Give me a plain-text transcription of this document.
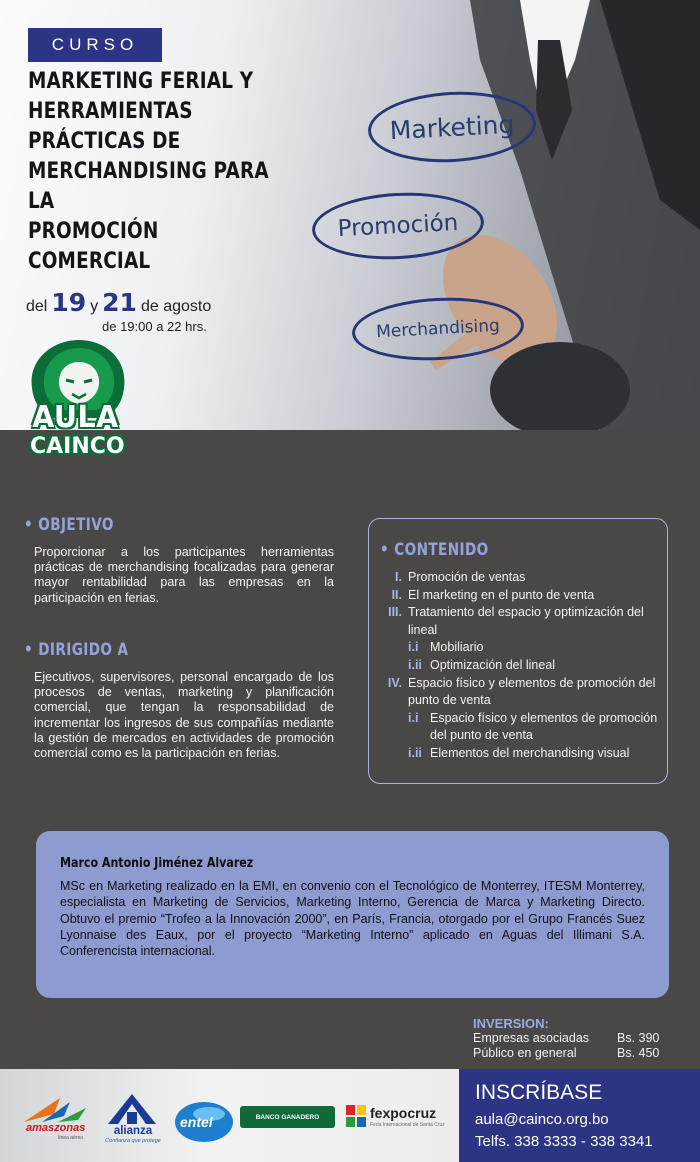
CURSO
MARKETING FERIAL Y
HERRAMIENTAS
PRÁCTICAS DE
MERCHANDISING PARA LA
PROMOCIÓN COMERCIAL
Marketing
Promoción
Merchandising
del 19 y 21 de agosto
de 19:00 a 22 hrs.
AULA
CAINCO
• OBJETIVO
Proporcionar a los participantes herramientas prácticas de merchandising focalizadas para generar mayor rentabilidad para las empresas en la participación en ferias.
• DIRIGIDO A
Ejecutivos, supervisores, personal encargado de los procesos de ventas, marketing y planificación comercial, que tengan la responsabilidad de incrementar los ingresos de sus compañías mediante la gestión de mercados en actividades de promoción comercial como es la participación en ferias.
• CONTENIDO
I. Promoción de ventas
II. El marketing en el punto de venta
III. Tratamiento del espacio y optimización del lineal
i.i Mobiliario
i.ii Optimización del lineal
IV. Espacio físico y elementos de promoción del punto de venta
i.i Espacio físico y elementos de promoción del punto de venta
i.ii Elementos del merchandising visual
Marco Antonio Jiménez Alvarez
MSc en Marketing realizado en la EMI, en convenio con el Tecnológico de Monterrey, ITESM Monterrey, especialista en Marketing de Servicios, Marketing Interno, Gerencia de Marca y Marketing Directo. Obtuvo el premio “Trofeo a la Innovación 2000”, en París, Francia, otorgado por el Grupo Francés Suez Lyonnaise des Eaux, por el proyecto “Marketing Interno” aplicado en Aguas del Illimani S.A. Conferencista internacional.
INVERSION:
Empresas asociadas	Bs. 390
Público en general	Bs. 450
amaszonas
línea aérea
alianza
Confianza que protege
entel	BANCO GANADERO	fexpocruz
Feria Internacional de Santa Cruz
INSCRÍBASE
aula@cainco.org.bo
Telfs. 338 3333 - 338 3341
